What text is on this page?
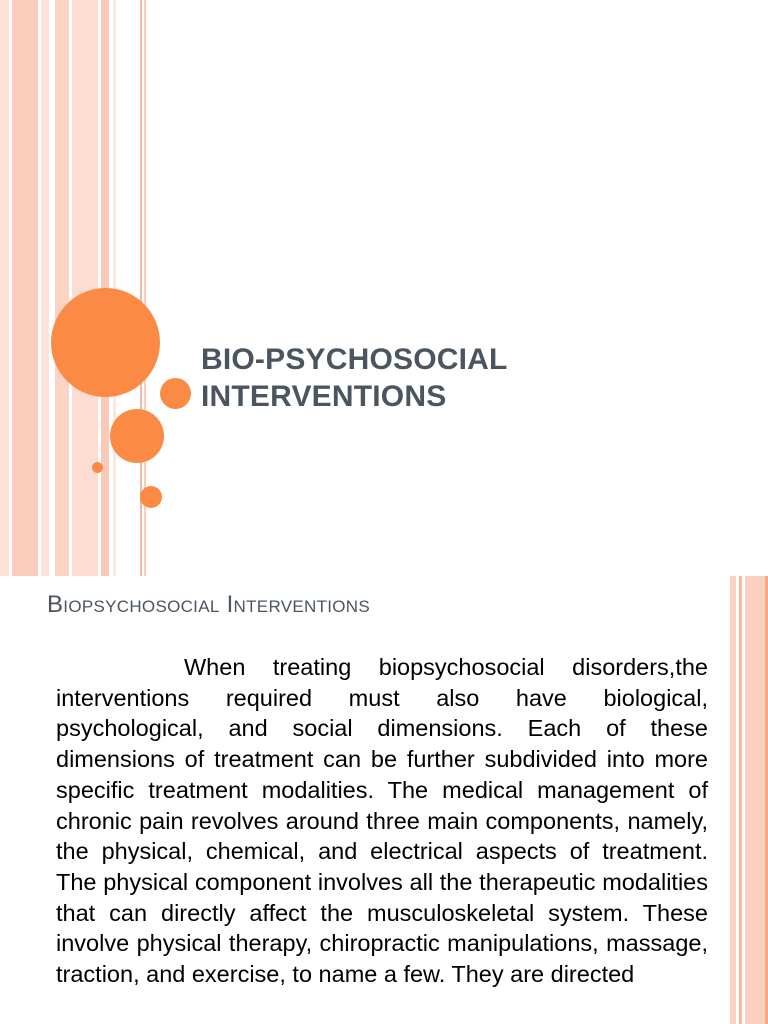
BIO-PSYCHOSOCIAL
INTERVENTIONS
Biopsychosocial Interventions

When treating biopsychosocial disorders,the interventions required must also have biological, psychological, and social dimensions. Each of these dimensions of treatment can be further subdivided into more specific treatment modalities. The medical management of chronic pain revolves around three main components, namely, the physical, chemical, and electrical aspects of treatment. The physical component involves all the therapeutic modalities that can directly affect the musculoskeletal system. These involve physical therapy, chiropractic manipulations, massage, traction, and exercise, to name a few. They are directed
